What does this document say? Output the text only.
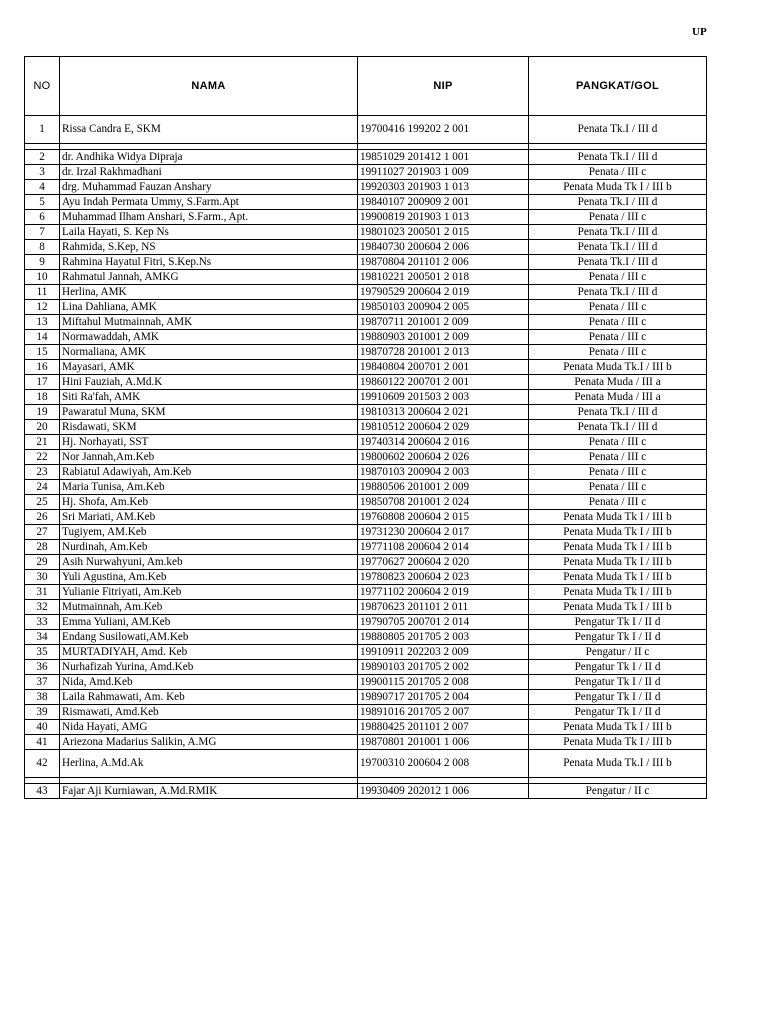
UP
NO	NAMA	NIP	PANGKAT/GOL
1	Rissa Candra E, SKM	19700416 199202 2 001	Penata Tk.I / III d

2	dr. Andhika Widya Dipraja	19851029 201412 1 001	Penata Tk.I / III d
3	dr. Irzal Rakhmadhani	19911027 201903 1 009	Penata / III c
4	drg. Muhammad Fauzan Anshary	19920303 201903 1 013	Penata Muda Tk I / III b
5	Ayu Indah Permata Ummy, S.Farm.Apt	19840107 200909 2 001	Penata Tk.I / III d
6	Muhammad Ilham Anshari, S.Farm., Apt.	19900819 201903 1 013	Penata / III c
7	Laila Hayati, S. Kep Ns	19801023 200501 2 015	Penata Tk.I / III d
8	Rahmida, S.Kep, NS	19840730 200604 2 006	Penata Tk.I / III d
9	Rahmina Hayatul Fitri, S.Kep.Ns	19870804 201101 2 006	Penata Tk.I / III d
10	Rahmatul Jannah, AMKG	19810221 200501 2 018	Penata / III c
11	Herlina, AMK	19790529 200604 2 019	Penata Tk.I / III d
12	Lina Dahliana, AMK	19850103 200904 2 005	Penata / III c
13	Miftahul Mutmainnah, AMK	19870711 201001 2 009	Penata / III c
14	Normawaddah, AMK	19880903 201001 2 009	Penata / III c
15	Normaliana, AMK	19870728 201001 2 013	Penata / III c
16	Mayasari, AMK	19840804 200701 2 001	Penata Muda Tk.I / III b
17	Hini Fauziah, A.Md.K	19860122 200701 2 001	Penata Muda / III a
18	Siti Ra'fah, AMK	19910609 201503 2 003	Penata Muda / III a
19	Pawaratul Muna, SKM	19810313 200604 2 021	Penata Tk.I / III d
20	Risdawati, SKM	19810512 200604 2 029	Penata Tk.I / III d
21	Hj. Norhayati, SST	19740314 200604 2 016	Penata / III c
22	Nor Jannah,Am.Keb	19800602 200604 2 026	Penata / III c
23	Rabiatul Adawiyah, Am.Keb	19870103 200904 2 003	Penata / III c
24	Maria Tunisa, Am.Keb	19880506 201001 2 009	Penata / III c
25	Hj. Shofa, Am.Keb	19850708 201001 2 024	Penata / III c
26	Sri Mariati, AM.Keb	19760808 200604 2 015	Penata Muda Tk I / III b
27	Tugiyem, AM.Keb	19731230 200604 2 017	Penata Muda Tk I / III b
28	Nurdinah, Am.Keb	19771108 200604 2 014	Penata Muda Tk I / III b
29	Asih Nurwahyuni, Am.keb	19770627 200604 2 020	Penata Muda Tk I / III b
30	Yuli Agustina, Am.Keb	19780823 200604 2 023	Penata Muda Tk I / III b
31	Yulianie Fitriyati, Am.Keb	19771102 200604 2 019	Penata Muda Tk I / III b
32	Mutmainnah, Am.Keb	19870623 201101 2 011	Penata Muda Tk I / III b
33	Emma Yuliani, AM.Keb	19790705 200701 2 014	Pengatur Tk I / II d
34	Endang Susilowati,AM.Keb	19880805 201705 2 003	Pengatur Tk I / II d
35	MURTADIYAH, Amd. Keb	19910911 202203 2 009	Pengatur / II c
36	Nurhafizah Yurina, Amd.Keb	19890103 201705 2 002	Pengatur Tk I / II d
37	Nida, Amd.Keb	19900115 201705 2 008	Pengatur Tk I / II d
38	Laila Rahmawati, Am. Keb	19890717 201705 2 004	Pengatur Tk I / II d
39	Rismawati, Amd.Keb	19891016 201705 2 007	Pengatur Tk I / II d
40	Nida Hayati, AMG	19880425 201101 2 007	Penata Muda Tk I / III b
41	Ariezona Madarius Salikin, A.MG	19870801 201001 1 006	Penata Muda Tk I / III b
42	Herlina, A.Md.Ak	19700310 200604 2 008	Penata Muda Tk.I / III b

43	Fajar Aji Kurniawan, A.Md.RMIK	19930409 202012 1 006	Pengatur / II c
